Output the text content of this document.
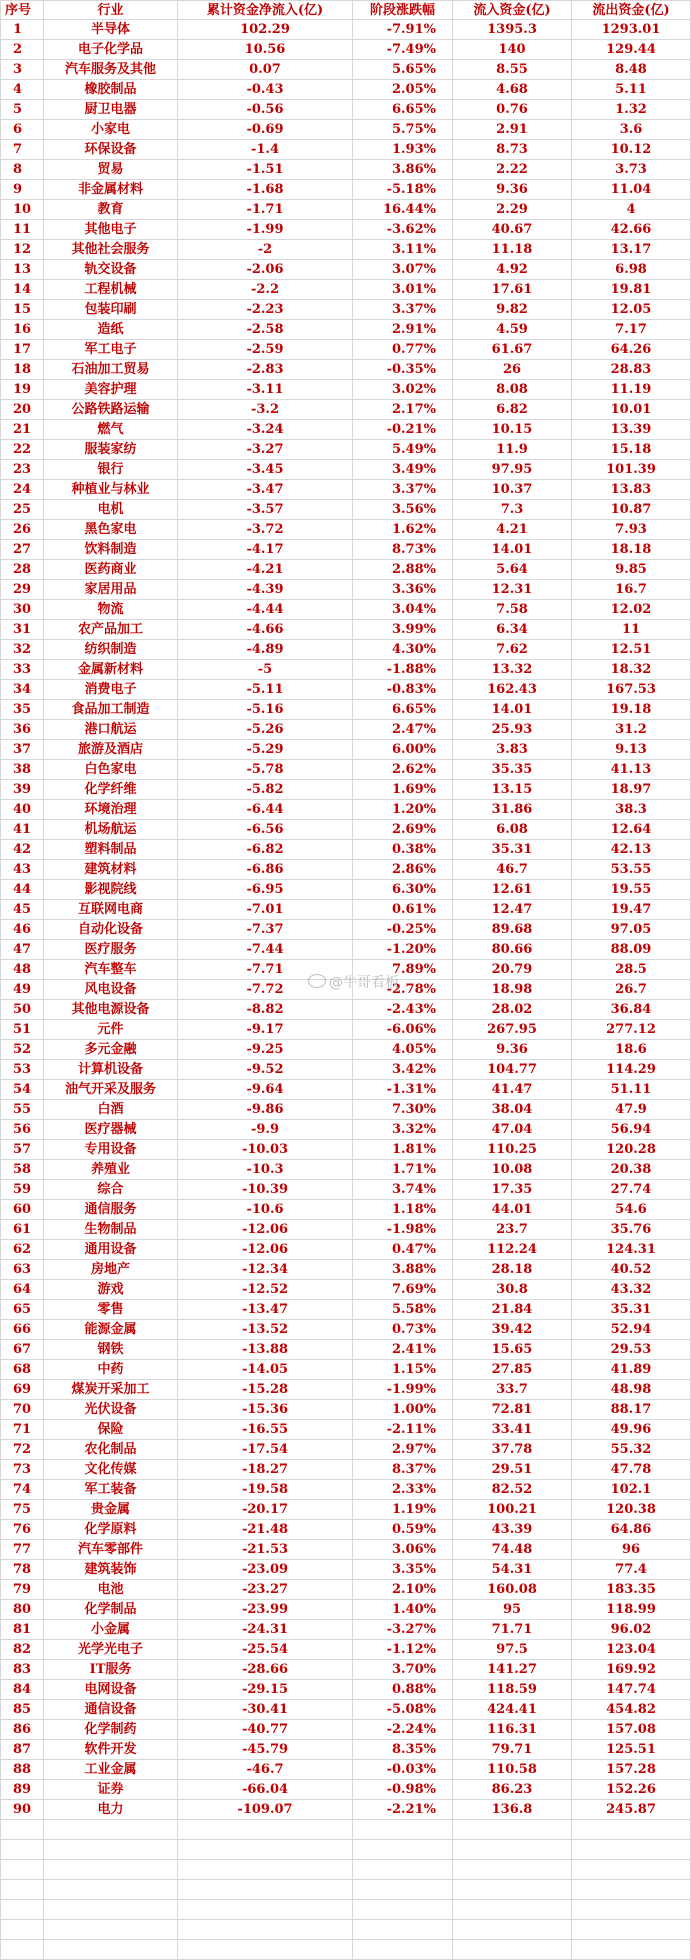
序号	行业	累计资金净流入(亿)	阶段涨跌幅	流入资金(亿)	流出资金(亿)
1	半导体	102.29	-7.91%	1395.3	1293.01
2	电子化学品	10.56	-7.49%	140	129.44
3	汽车服务及其他	0.07	5.65%	8.55	8.48
4	橡胶制品	-0.43	2.05%	4.68	5.11
5	厨卫电器	-0.56	6.65%	0.76	1.32
6	小家电	-0.69	5.75%	2.91	3.6
7	环保设备	-1.4	1.93%	8.73	10.12
8	贸易	-1.51	3.86%	2.22	3.73
9	非金属材料	-1.68	-5.18%	9.36	11.04
10	教育	-1.71	16.44%	2.29	4
11	其他电子	-1.99	-3.62%	40.67	42.66
12	其他社会服务	-2	3.11%	11.18	13.17
13	轨交设备	-2.06	3.07%	4.92	6.98
14	工程机械	-2.2	3.01%	17.61	19.81
15	包装印刷	-2.23	3.37%	9.82	12.05
16	造纸	-2.58	2.91%	4.59	7.17
17	军工电子	-2.59	0.77%	61.67	64.26
18	石油加工贸易	-2.83	-0.35%	26	28.83
19	美容护理	-3.11	3.02%	8.08	11.19
20	公路铁路运输	-3.2	2.17%	6.82	10.01
21	燃气	-3.24	-0.21%	10.15	13.39
22	服装家纺	-3.27	5.49%	11.9	15.18
23	银行	-3.45	3.49%	97.95	101.39
24	种植业与林业	-3.47	3.37%	10.37	13.83
25	电机	-3.57	3.56%	7.3	10.87
26	黑色家电	-3.72	1.62%	4.21	7.93
27	饮料制造	-4.17	8.73%	14.01	18.18
28	医药商业	-4.21	2.88%	5.64	9.85
29	家居用品	-4.39	3.36%	12.31	16.7
30	物流	-4.44	3.04%	7.58	12.02
31	农产品加工	-4.66	3.99%	6.34	11
32	纺织制造	-4.89	4.30%	7.62	12.51
33	金属新材料	-5	-1.88%	13.32	18.32
34	消费电子	-5.11	-0.83%	162.43	167.53
35	食品加工制造	-5.16	6.65%	14.01	19.18
36	港口航运	-5.26	2.47%	25.93	31.2
37	旅游及酒店	-5.29	6.00%	3.83	9.13
38	白色家电	-5.78	2.62%	35.35	41.13
39	化学纤维	-5.82	1.69%	13.15	18.97
40	环境治理	-6.44	1.20%	31.86	38.3
41	机场航运	-6.56	2.69%	6.08	12.64
42	塑料制品	-6.82	0.38%	35.31	42.13
43	建筑材料	-6.86	2.86%	46.7	53.55
44	影视院线	-6.95	6.30%	12.61	19.55
45	互联网电商	-7.01	0.61%	12.47	19.47
46	自动化设备	-7.37	-0.25%	89.68	97.05
47	医疗服务	-7.44	-1.20%	80.66	88.09
48	汽车整车	-7.71	7.89%	20.79	28.5
49	风电设备	-7.72	-2.78%	18.98	26.7
50	其他电源设备	-8.82	-2.43%	28.02	36.84
51	元件	-9.17	-6.06%	267.95	277.12
52	多元金融	-9.25	4.05%	9.36	18.6
53	计算机设备	-9.52	3.42%	104.77	114.29
54	油气开采及服务	-9.64	-1.31%	41.47	51.11
55	白酒	-9.86	7.30%	38.04	47.9
56	医疗器械	-9.9	3.32%	47.04	56.94
57	专用设备	-10.03	1.81%	110.25	120.28
58	养殖业	-10.3	1.71%	10.08	20.38
59	综合	-10.39	3.74%	17.35	27.74
60	通信服务	-10.6	1.18%	44.01	54.6
61	生物制品	-12.06	-1.98%	23.7	35.76
62	通用设备	-12.06	0.47%	112.24	124.31
63	房地产	-12.34	3.88%	28.18	40.52
64	游戏	-12.52	7.69%	30.8	43.32
65	零售	-13.47	5.58%	21.84	35.31
66	能源金属	-13.52	0.73%	39.42	52.94
67	钢铁	-13.88	2.41%	15.65	29.53
68	中药	-14.05	1.15%	27.85	41.89
69	煤炭开采加工	-15.28	-1.99%	33.7	48.98
70	光伏设备	-15.36	1.00%	72.81	88.17
71	保险	-16.55	-2.11%	33.41	49.96
72	农化制品	-17.54	2.97%	37.78	55.32
73	文化传媒	-18.27	8.37%	29.51	47.78
74	军工装备	-19.58	2.33%	82.52	102.1
75	贵金属	-20.17	1.19%	100.21	120.38
76	化学原料	-21.48	0.59%	43.39	64.86
77	汽车零部件	-21.53	3.06%	74.48	96
78	建筑装饰	-23.09	3.35%	54.31	77.4
79	电池	-23.27	2.10%	160.08	183.35
80	化学制品	-23.99	1.40%	95	118.99
81	小金属	-24.31	-3.27%	71.71	96.02
82	光学光电子	-25.54	-1.12%	97.5	123.04
83	IT服务	-28.66	3.70%	141.27	169.92
84	电网设备	-29.15	0.88%	118.59	147.74
85	通信设备	-30.41	-5.08%	424.41	454.82
86	化学制药	-40.77	-2.24%	116.31	157.08
87	软件开发	-45.79	8.35%	79.71	125.51
88	工业金属	-46.7	-0.03%	110.58	157.28
89	证券	-66.04	-0.98%	86.23	152.26
90	电力	-109.07	-2.21%	136.8	245.87
@牛哥看板
